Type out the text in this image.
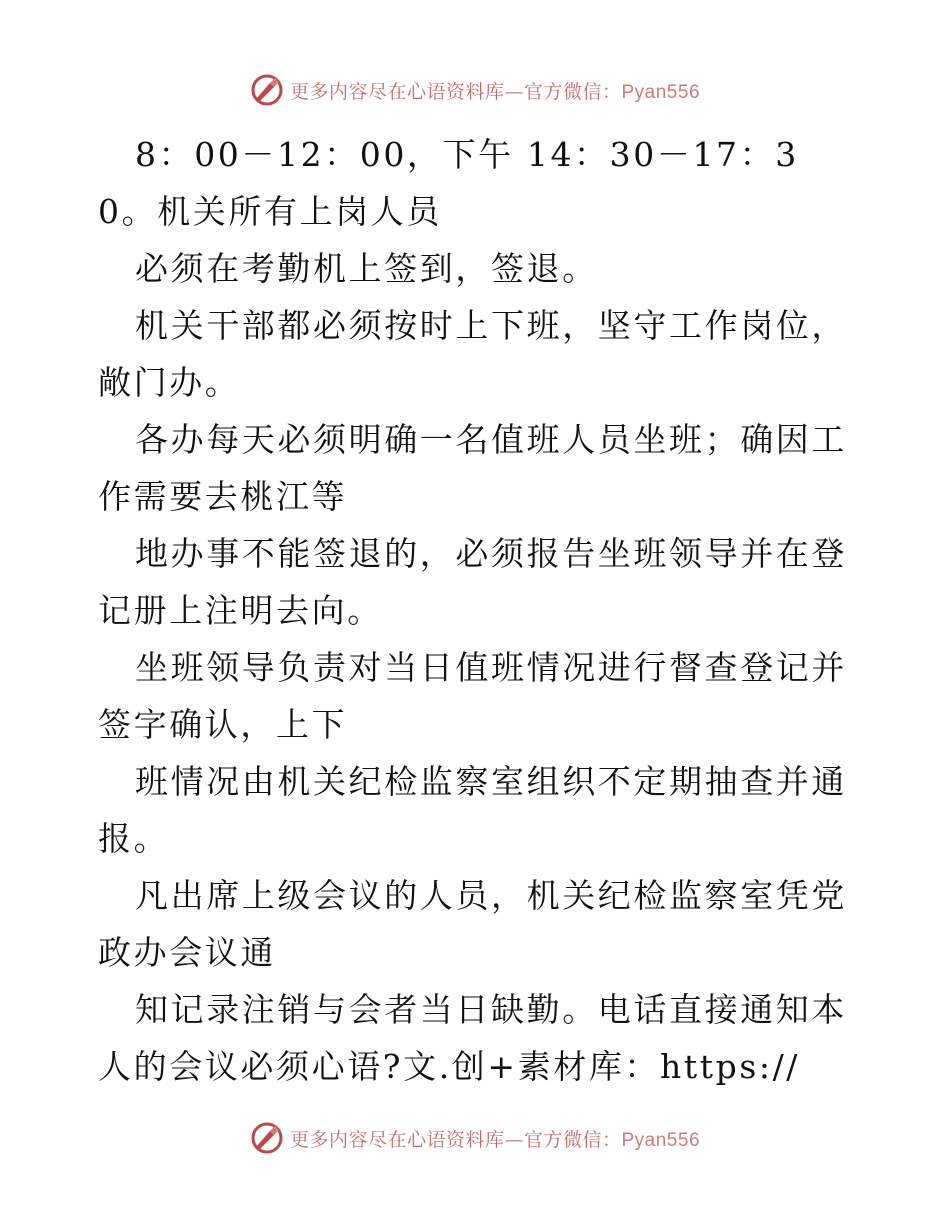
更多内容尽在心语资料库—官方微信：Pyan556

8：00－12：00，下午 14：30－17：30。机关所有上岗人员

必须在考勤机上签到，签退。

机关干部都必须按时上下班，坚守工作岗位，敞门办。

各办每天必须明确一名值班人员坐班；确因工作需要去桃江等

地办事不能签退的，必须报告坐班领导并在登记册上注明去向。

坐班领导负责对当日值班情况进行督查登记并签字确认，上下

班情况由机关纪检监察室组织不定期抽查并通报。

凡出席上级会议的人员，机关纪检监察室凭党政办会议通

知记录注销与会者当日缺勤。电话直接通知本人的会议必须心语?文.创+素材库：https://

更多内容尽在心语资料库—官方微信：Pyan556
